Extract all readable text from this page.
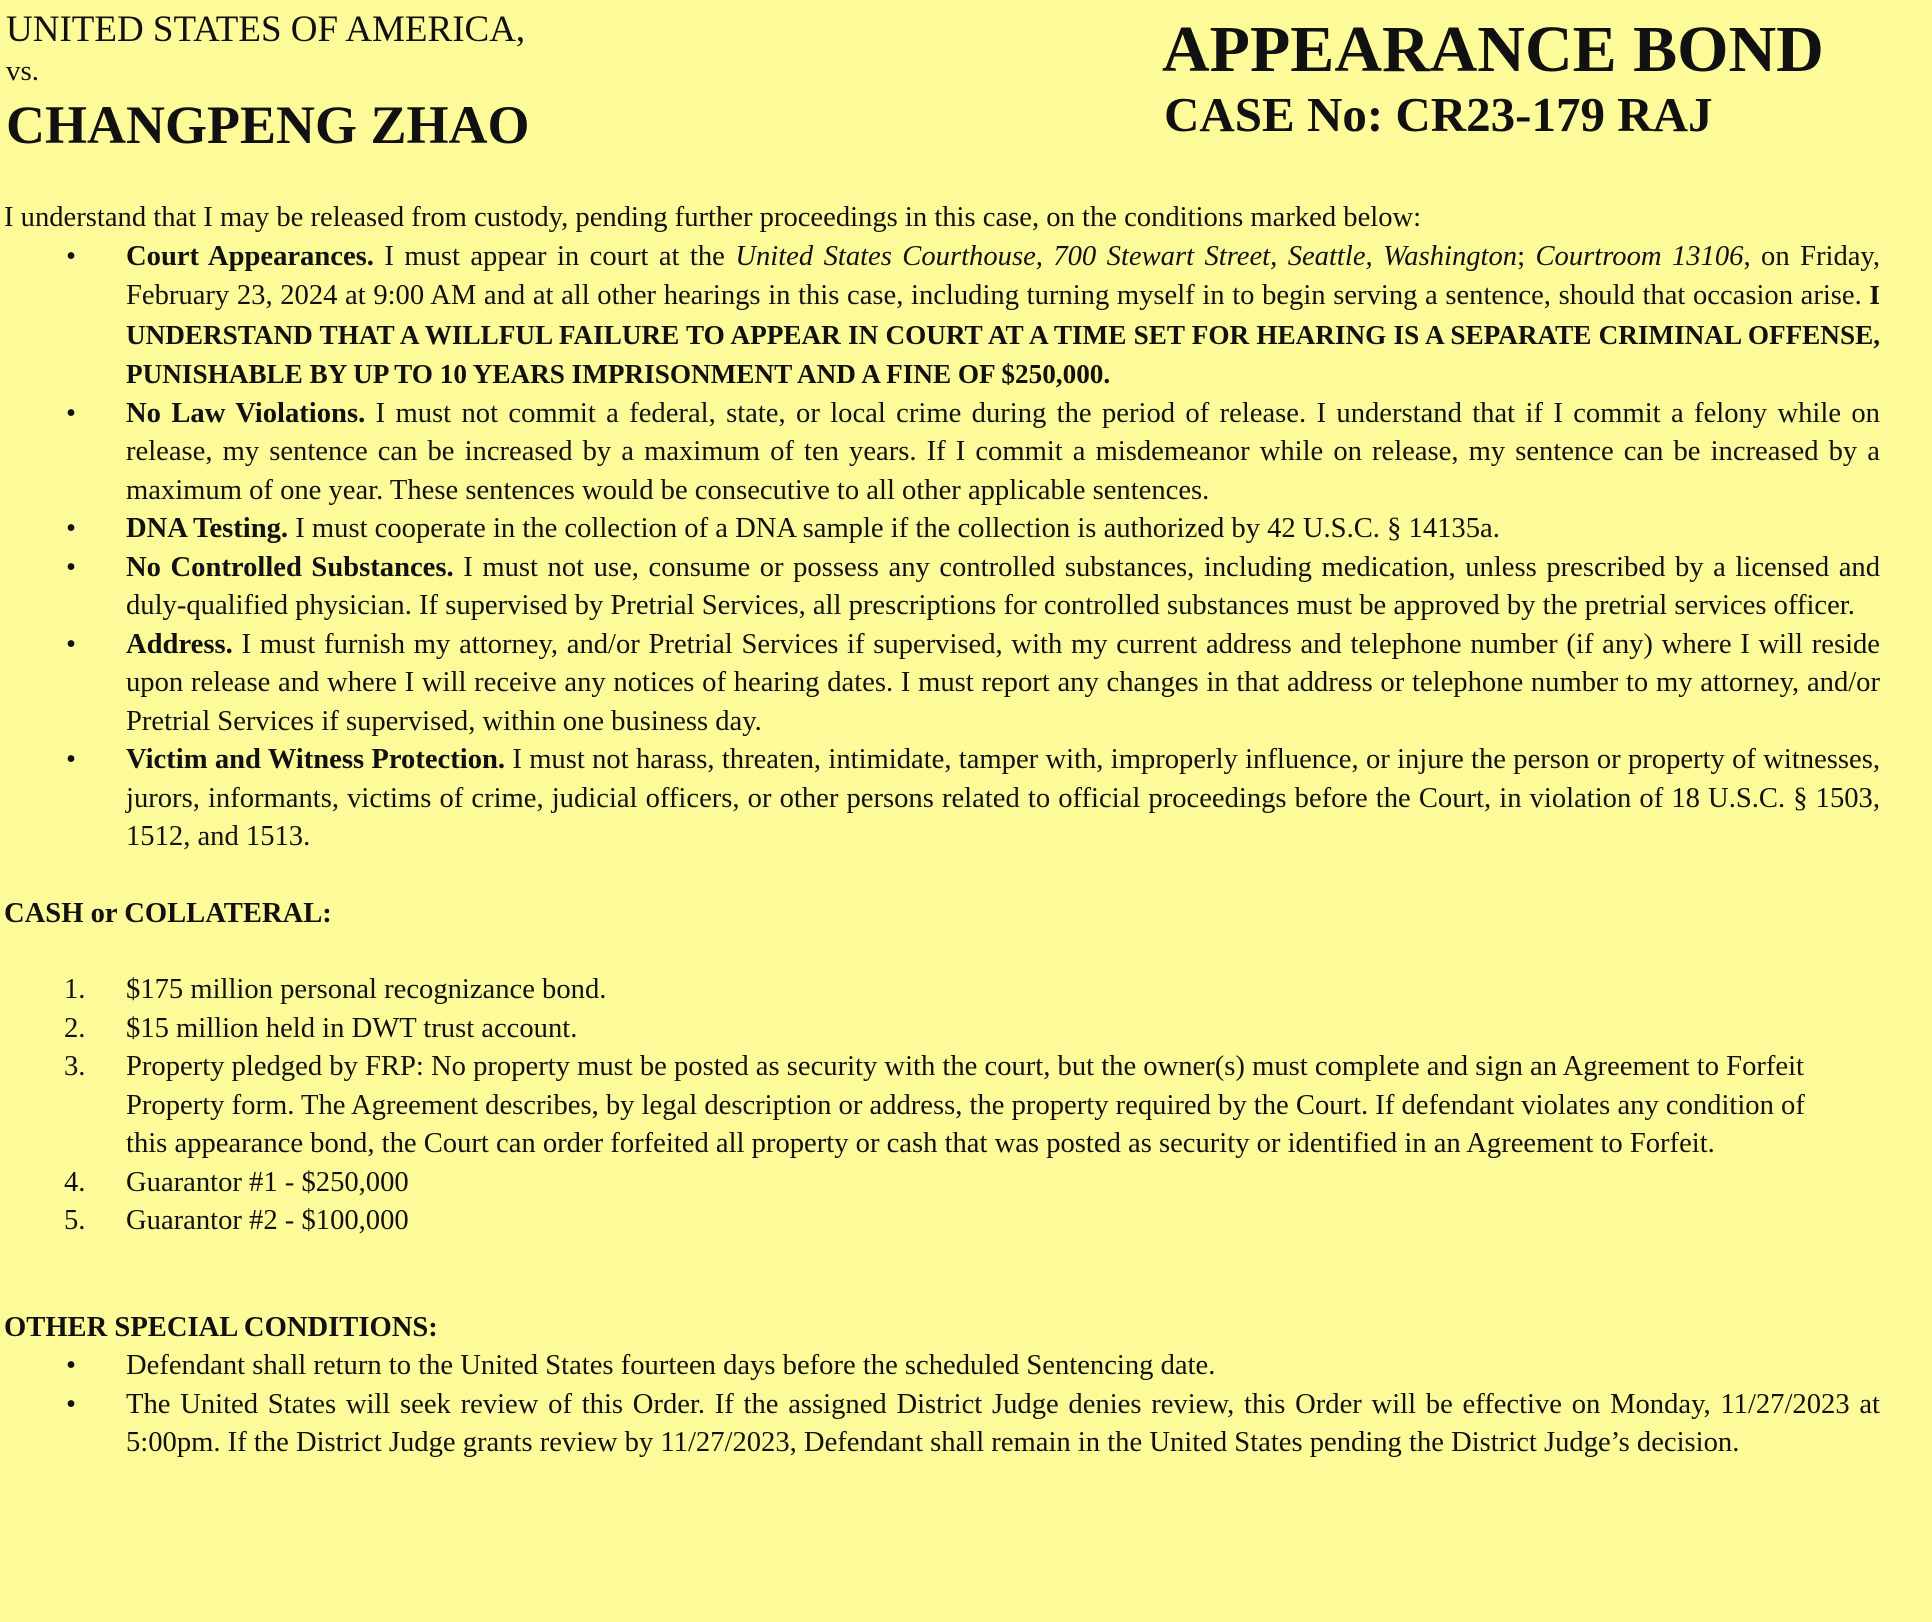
UNITED STATES OF AMERICA,
vs.
CHANGPENG ZHAO
APPEARANCE BOND
CASE No: CR23-179 RAJ

I understand that I may be released from custody, pending further proceedings in this case, on the conditions marked below:

• Court Appearances. I must appear in court at the United States Courthouse, 700 Stewart Street, Seattle, Washington; Courtroom 13106, on Friday, February 23, 2024 at 9:00 AM and at all other hearings in this case, including turning myself in to begin serving a sentence, should that occasion arise. I UNDERSTAND THAT A WILLFUL FAILURE TO APPEAR IN COURT AT A TIME SET FOR HEARING IS A SEPARATE CRIMINAL OFFENSE, PUNISHABLE BY UP TO 10 YEARS IMPRISONMENT AND A FINE OF $250,000.
• No Law Violations. I must not commit a federal, state, or local crime during the period of release. I understand that if I commit a felony while on release, my sentence can be increased by a maximum of ten years. If I commit a misdemeanor while on release, my sentence can be increased by a maximum of one year. These sentences would be consecutive to all other applicable sentences.
• DNA Testing. I must cooperate in the collection of a DNA sample if the collection is authorized by 42 U.S.C. § 14135a.
• No Controlled Substances. I must not use, consume or possess any controlled substances, including medication, unless prescribed by a licensed and duly-qualified physician. If supervised by Pretrial Services, all prescriptions for controlled substances must be approved by the pretrial services officer.
• Address. I must furnish my attorney, and/or Pretrial Services if supervised, with my current address and telephone number (if any) where I will reside upon release and where I will receive any notices of hearing dates. I must report any changes in that address or telephone number to my attorney, and/or Pretrial Services if supervised, within one business day.
• Victim and Witness Protection. I must not harass, threaten, intimidate, tamper with, improperly influence, or injure the person or property of witnesses, jurors, informants, victims of crime, judicial officers, or other persons related to official proceedings before the Court, in violation of 18 U.S.C. § 1503, 1512, and 1513.

CASH or COLLATERAL:

1. $175 million personal recognizance bond.
2. $15 million held in DWT trust account.
3. Property pledged by FRP: No property must be posted as security with the court, but the owner(s) must complete and sign an Agreement to Forfeit Property form. The Agreement describes, by legal description or address, the property required by the Court. If defendant violates any condition of this appearance bond, the Court can order forfeited all property or cash that was posted as security or identified in an Agreement to Forfeit.
4. Guarantor #1 - $250,000
5. Guarantor #2 - $100,000

OTHER SPECIAL CONDITIONS:

• Defendant shall return to the United States fourteen days before the scheduled Sentencing date.
• The United States will seek review of this Order. If the assigned District Judge denies review, this Order will be effective on Monday, 11/27/2023 at 5:00pm. If the District Judge grants review by 11/27/2023, Defendant shall remain in the United States pending the District Judge’s decision.
